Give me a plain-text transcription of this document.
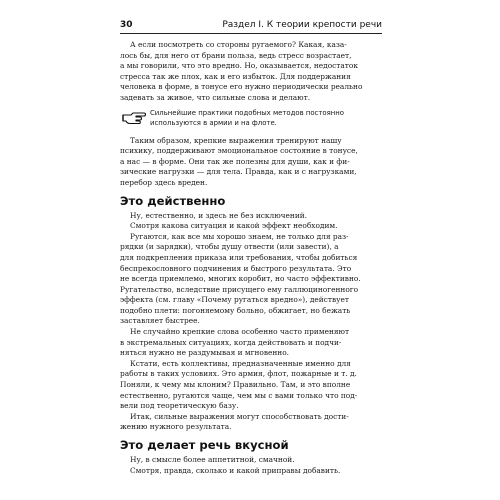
30	Раздел I. К теории крепости речи

А если посмотреть со стороны ругаемого? Какая, каза-
лось бы, для него от брани польза, ведь стресс возрастает,
а мы говорили, что это вредно. Но, оказывается, недостаток
стресса так же плох, как и его избыток. Для поддержания
человека в форме, в тонусе его нужно периодически реально
задевать за живое, что сильные слова и делают.

Сильнейшие практики подобных методов постоянно
используются в армии и на флоте.

Таким образом, крепкие выражения тренируют нашу
психику, поддерживают эмоциональное состояние в тонусе,
а нас — в форме. Они так же полезны для души, как и фи-
зические нагрузки — для тела. Правда, как и с нагрузками,
перебор здесь вреден.

Это действенно

Ну, естественно, и здесь не без исключений.
Смотря какова ситуация и какой эффект необходим.

Ругаются, как все мы хорошо знаем, не только для раз-
рядки (и зарядки), чтобы душу отвести (или завести), а
для подкрепления приказа или требования, чтобы добиться
беспрекословного подчинения и быстрого результата. Это
не всегда приемлемо, многих коробит, но часто эффективно.
Ругательство, вследствие присущего ему галлюциногенного
эффекта (см. главу «Почему ругаться вредно»), действует
подобно плети: погоняемому больно, обжигает, но бежать
заставляет быстрее.

Не случайно крепкие слова особенно часто применяют
в экстремальных ситуациях, когда действовать и подчи-
няться нужно не раздумывая и мгновенно.

Кстати, есть коллективы, предназначенные именно для
работы в таких условиях. Это армия, флот, пожарные и т. д.
Поняли, к чему мы клоним? Правильно. Там, и это вполне
естественно, ругаются чаще, чем мы с вами только что под-
вели под теоретическую базу.

Итак, сильные выражения могут способствовать дости-
жению нужного результата.

Это делает речь вкусной

Ну, в смысле более аппетитной, смачной.
Смотря, правда, сколько и какой приправы добавить.
